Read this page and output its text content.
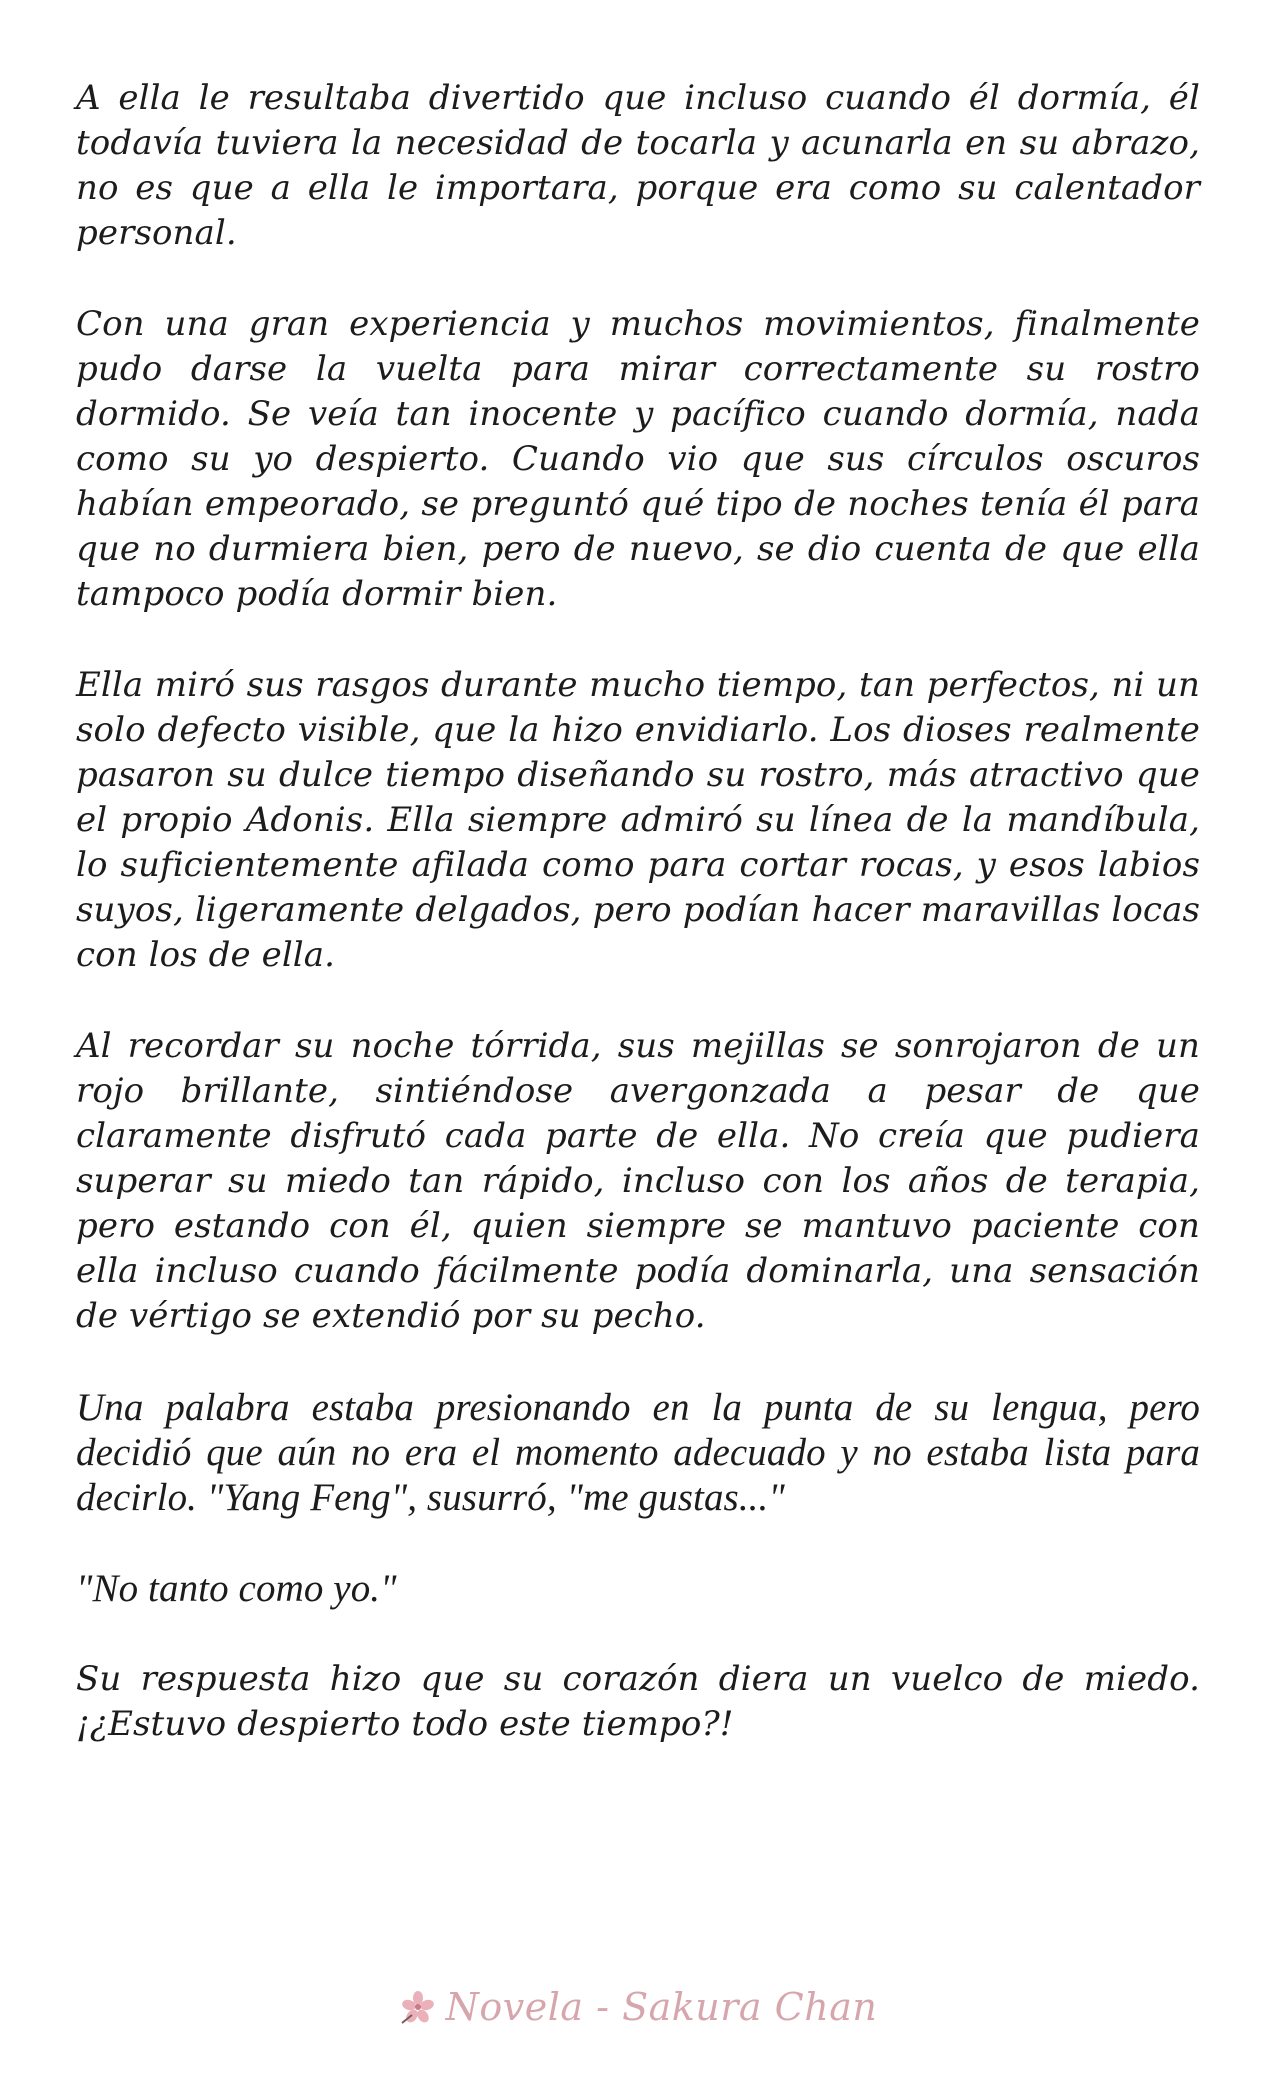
A ella le resultaba divertido que incluso cuando él dormía, él todavía tuviera la necesidad de tocarla y acunarla en su abrazo, no es que a ella le importara, porque era como su calentador personal.

Con una gran experiencia y muchos movimientos, finalmente pudo darse la vuelta para mirar correctamente su rostro dormido. Se veía tan inocente y pacífico cuando dormía, nada como su yo despierto. Cuando vio que sus círculos oscuros habían empeorado, se preguntó qué tipo de noches tenía él para que no durmiera bien, pero de nuevo, se dio cuenta de que ella tampoco podía dormir bien.

Ella miró sus rasgos durante mucho tiempo, tan perfectos, ni un solo defecto visible, que la hizo envidiarlo. Los dioses realmente pasaron su dulce tiempo diseñando su rostro, más atractivo que el propio Adonis. Ella siempre admiró su línea de la mandíbula, lo suficientemente afilada como para cortar rocas, y esos labios suyos, ligeramente delgados, pero podían hacer maravillas locas con los de ella.

Al recordar su noche tórrida, sus mejillas se sonrojaron de un rojo brillante, sintiéndose avergonzada a pesar de que claramente disfrutó cada parte de ella. No creía que pudiera superar su miedo tan rápido, incluso con los años de terapia, pero estando con él, quien siempre se mantuvo paciente con ella incluso cuando fácilmente podía dominarla, una sensación de vértigo se extendió por su pecho.

Una palabra estaba presionando en la punta de su lengua, pero decidió que aún no era el momento adecuado y no estaba lista para decirlo. "Yang Feng", susurró, "me gustas..."

"No tanto como yo."

Su respuesta hizo que su corazón diera un vuelco de miedo. ¡¿Estuvo despierto todo este tiempo?!

Novela - Sakura Chan
